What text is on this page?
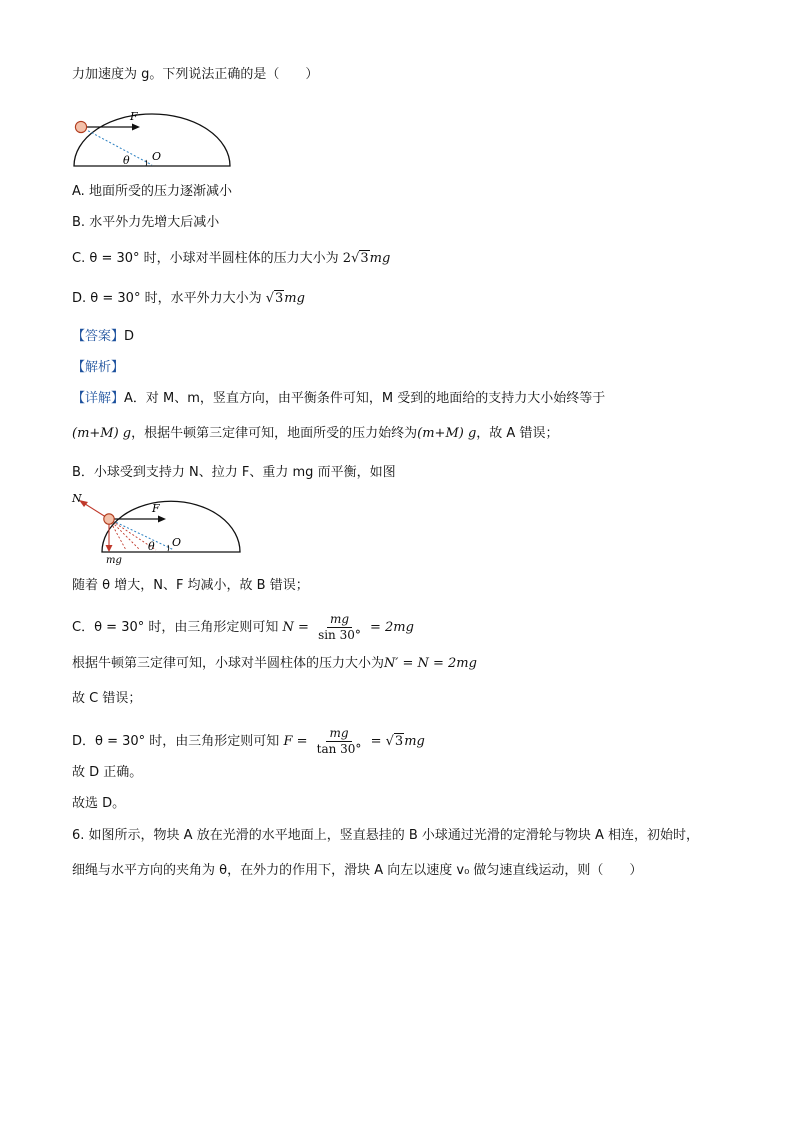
力加速度为 g。下列说法正确的是（　　）
F
θ O
A. 地面所受的压力逐渐减小
B. 水平外力先增大后减小
C. θ = 30° 时，小球对半圆柱体的压力大小为 2√3mg
D. θ = 30° 时，水平外力大小为 √3mg
【答案】D
【解析】
【详解】A．对 M、m，竖直方向，由平衡条件可知，M 受到的地面给的支持力大小始终等于
(m+M) g，根据牛顿第三定律可知，地面所受的压力始终为(m+M) g，故 A 错误；
B．小球受到支持力 N、拉力 F、重力 mg 而平衡，如图
N
F
mg
θ O
随着 θ 增大，N、F 均减小，故 B 错误；
C．θ = 30° 时，由三角形定则可知 $N = \frac{mg}{\sin 30^\circ} = 2mg$
根据牛顿第三定律可知，小球对半圆柱体的压力大小为N′ = N = 2mg
故 C 错误；
D．θ = 30° 时，由三角形定则可知 $F = \frac{mg}{\tan 30^\circ} = √3mg$
故 D 正确。
故选 D。
6. 如图所示，物块 A 放在光滑的水平地面上，竖直悬挂的 B 小球通过光滑的定滑轮与物块 A 相连，初始时，
细绳与水平方向的夹角为 θ，在外力的作用下，滑块 A 向左以速度 v₀ 做匀速直线运动，则（　　）
